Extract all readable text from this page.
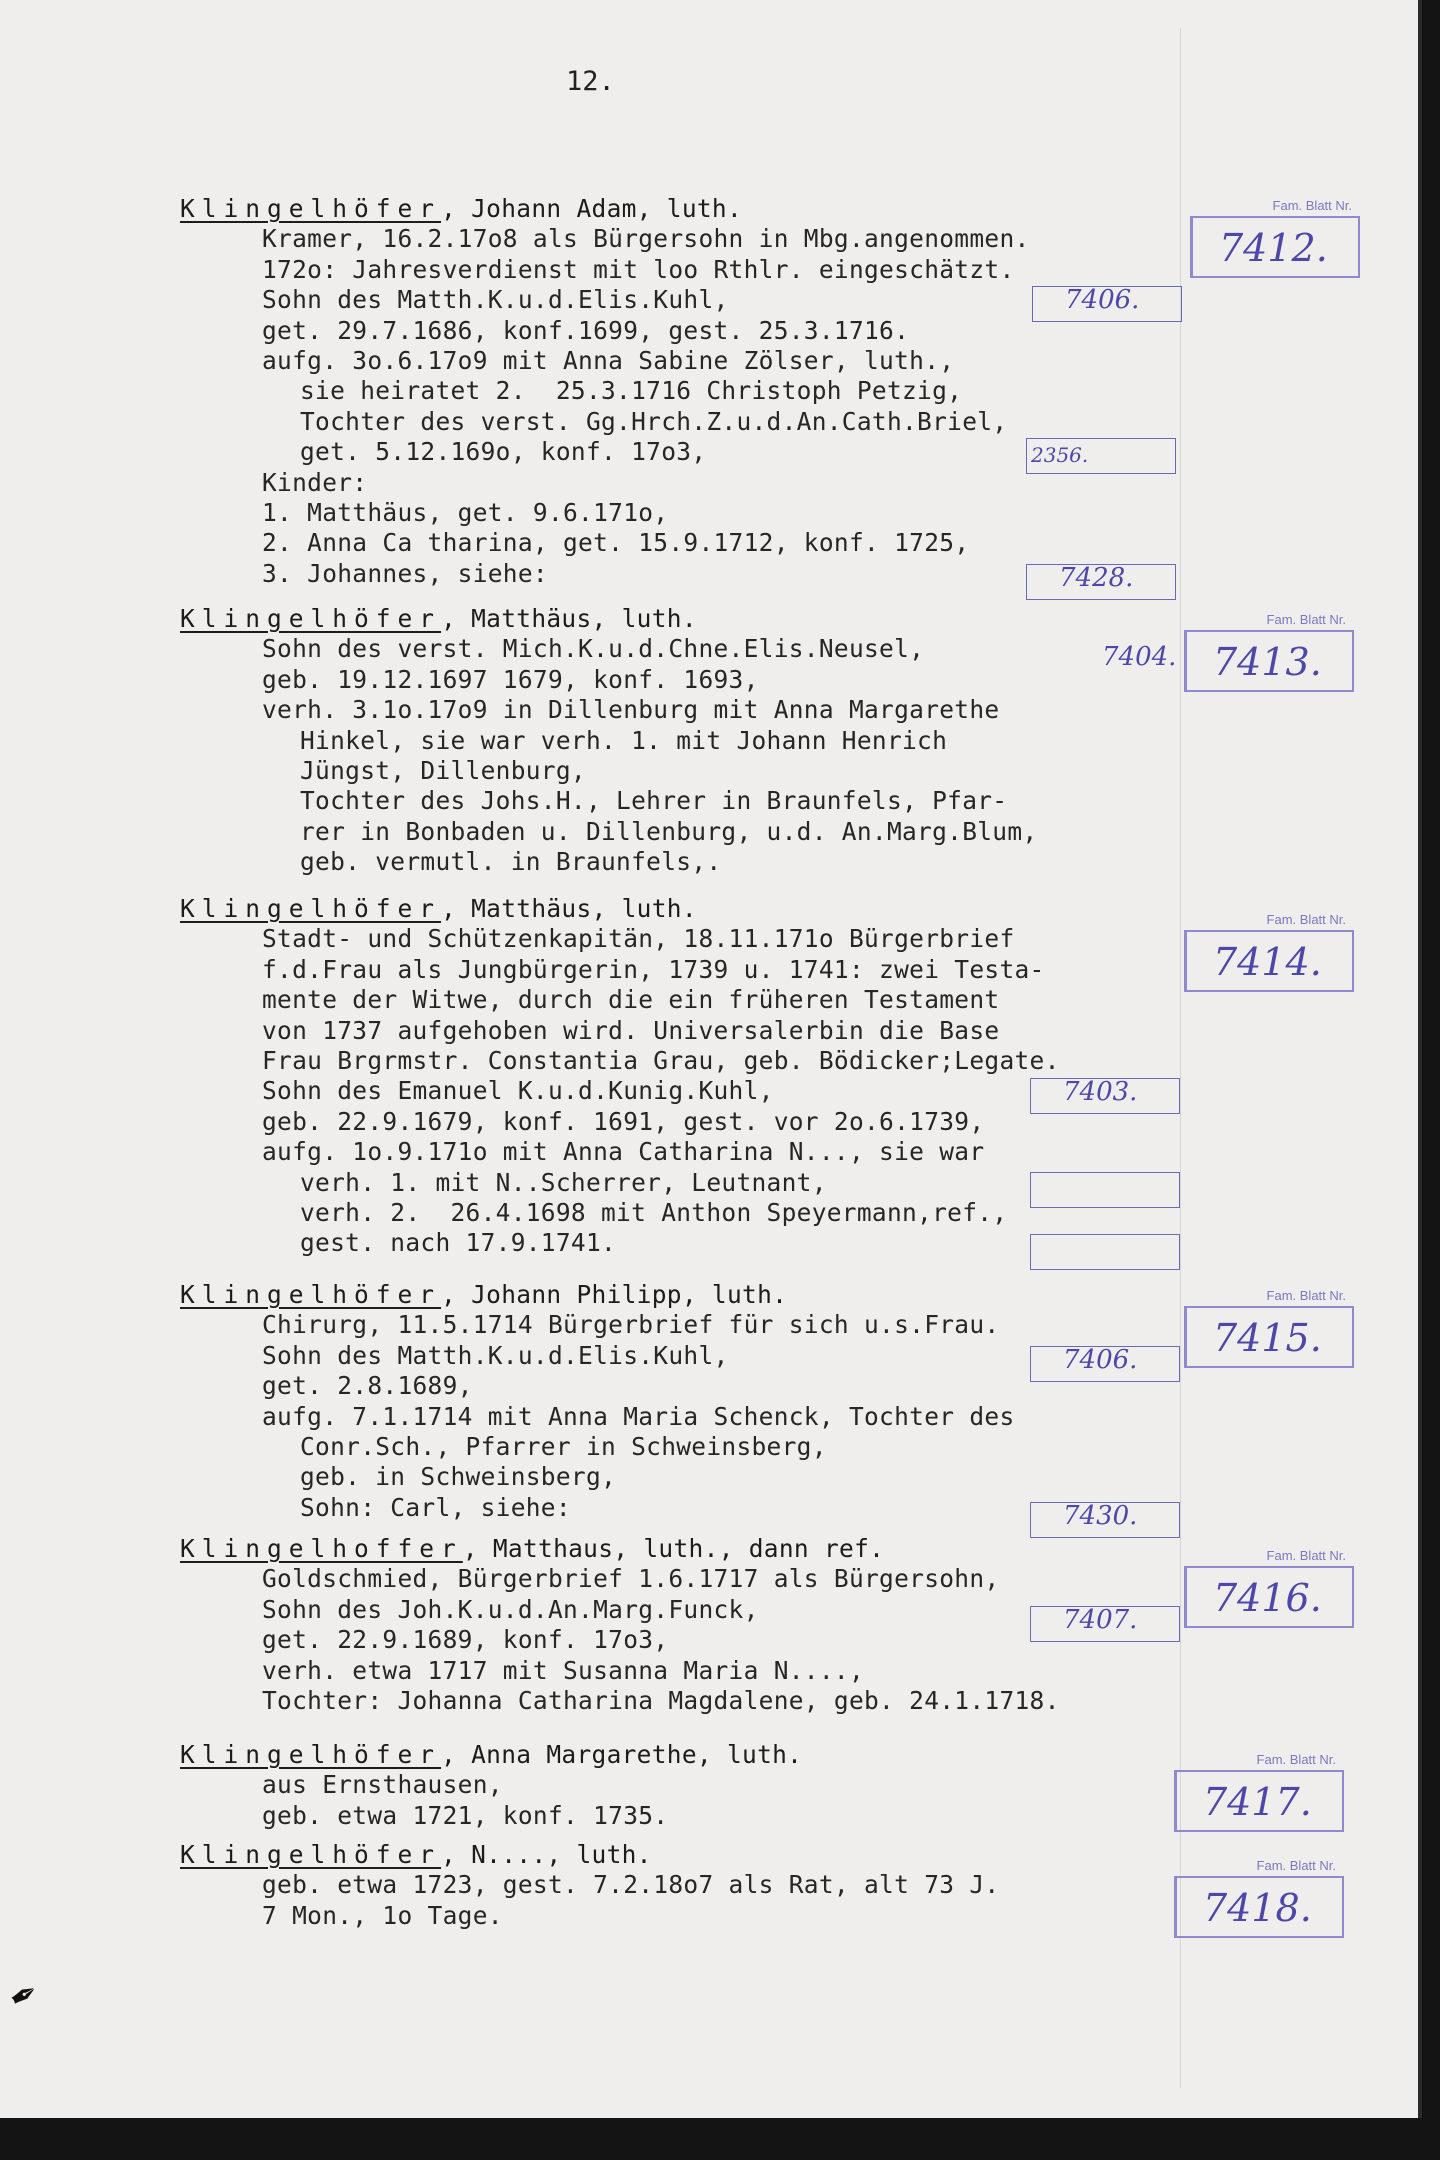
12.
Klingelhöfer, Johann Adam, luth.
Kramer, 16.2.17o8 als Bürgersohn in Mbg.angenommen.
172o: Jahresverdienst mit loo Rthlr. eingeschätzt.
Sohn des Matth.K.u.d.Elis.Kuhl,
get. 29.7.1686, konf.1699, gest. 25.3.1716.
aufg. 3o.6.17o9 mit Anna Sabine Zölser, luth.,
sie heiratet 2.  25.3.1716 Christoph Petzig,
Tochter des verst. Gg.Hrch.Z.u.d.An.Cath.Briel,
get. 5.12.169o, konf. 17o3,
Kinder:
1. Matthäus, get. 9.6.171o,
2. Anna Ca tharina, get. 15.9.1712, konf. 1725,
3. Johannes, siehe:
Fam. Blatt Nr.
7412.
7406.
2356.
7428.
Klingelhöfer, Matthäus, luth.
Sohn des verst. Mich.K.u.d.Chne.Elis.Neusel,
geb. 19.12.1697 1679, konf. 1693,
verh. 3.1o.17o9 in Dillenburg mit Anna Margarethe
Hinkel, sie war verh. 1. mit Johann Henrich
Jüngst, Dillenburg,
Tochter des Johs.H., Lehrer in Braunfels, Pfar-
rer in Bonbaden u. Dillenburg, u.d. An.Marg.Blum,
geb. vermutl. in Braunfels,.
Fam. Blatt Nr.
7413.
7404.
Klingelhöfer, Matthäus, luth.
Stadt- und Schützenkapitän, 18.11.171o Bürgerbrief
f.d.Frau als Jungbürgerin, 1739 u. 1741: zwei Testa-
mente der Witwe, durch die ein früheren Testament
von 1737 aufgehoben wird. Universalerbin die Base
Frau Brgrmstr. Constantia Grau, geb. Bödicker;Legate.
Sohn des Emanuel K.u.d.Kunig.Kuhl,
geb. 22.9.1679, konf. 1691, gest. vor 2o.6.1739,
aufg. 1o.9.171o mit Anna Catharina N..., sie war
verh. 1. mit N..Scherrer, Leutnant,
verh. 2.  26.4.1698 mit Anthon Speyermann,ref.,
gest. nach 17.9.1741.
Fam. Blatt Nr.
7414.
7403.
Klingelhöfer, Johann Philipp, luth.
Chirurg, 11.5.1714 Bürgerbrief für sich u.s.Frau.
Sohn des Matth.K.u.d.Elis.Kuhl,
get. 2.8.1689,
aufg. 7.1.1714 mit Anna Maria Schenck, Tochter des
Conr.Sch., Pfarrer in Schweinsberg,
geb. in Schweinsberg,
Sohn: Carl, siehe:
Fam. Blatt Nr.
7415.
7406.
7430.
Klingelhoffer, Matthaus, luth., dann ref.
Goldschmied, Bürgerbrief 1.6.1717 als Bürgersohn,
Sohn des Joh.K.u.d.An.Marg.Funck,
get. 22.9.1689, konf. 17o3,
verh. etwa 1717 mit Susanna Maria N....,
Tochter: Johanna Catharina Magdalene, geb. 24.1.1718.
Fam. Blatt Nr.
7416.
7407.
Klingelhöfer, Anna Margarethe, luth.
aus Ernsthausen,
geb. etwa 1721, konf. 1735.
Fam. Blatt Nr.
7417.
Klingelhöfer, N...., luth.
geb. etwa 1723, gest. 7.2.18o7 als Rat, alt 73 J.
7 Mon., 1o Tage.
Fam. Blatt Nr.
7418.
✒
